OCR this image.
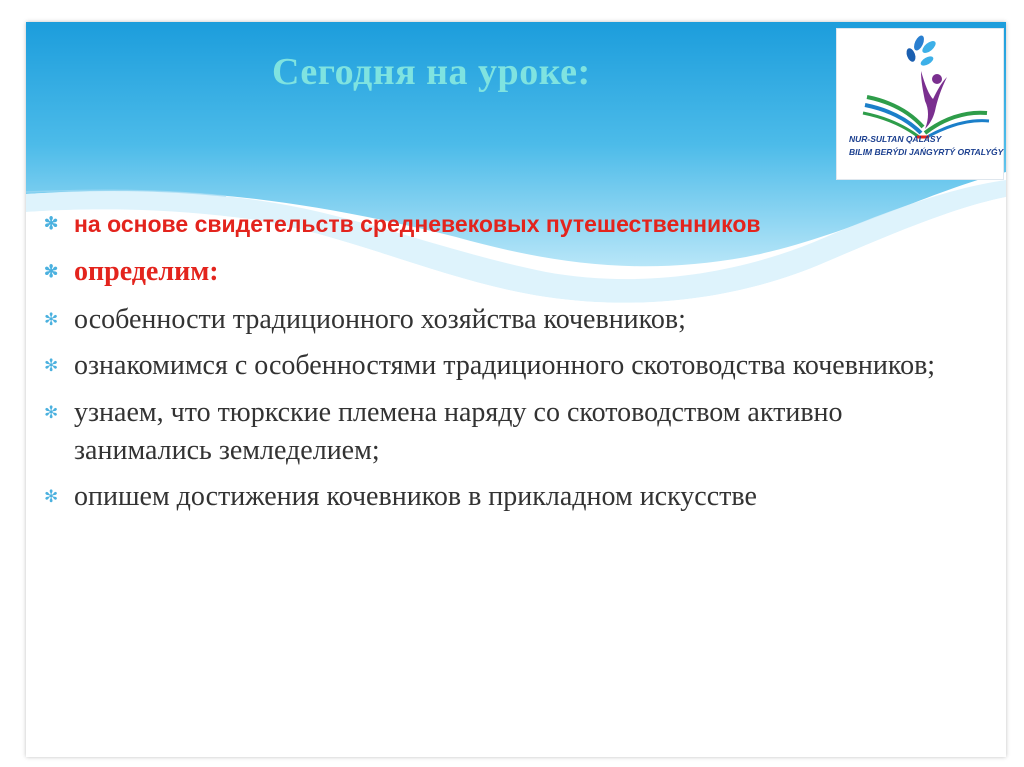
Сегодня на уроке:
NUR-SULTAN QALASY
BILIM BERÝDI JAŃGYRTÝ ORTALYǴY
✻ на основе свидетельств средневековых путешественников
✻ определим:
✻ особенности традиционного хозяйства кочевников;
✻ ознакомимся с особенностями традиционного скотоводства кочевников;
✻ узнаем, что тюркские племена наряду со скотоводством активно занимались земледелием;
✻ опишем достижения кочевников в прикладном искусстве
